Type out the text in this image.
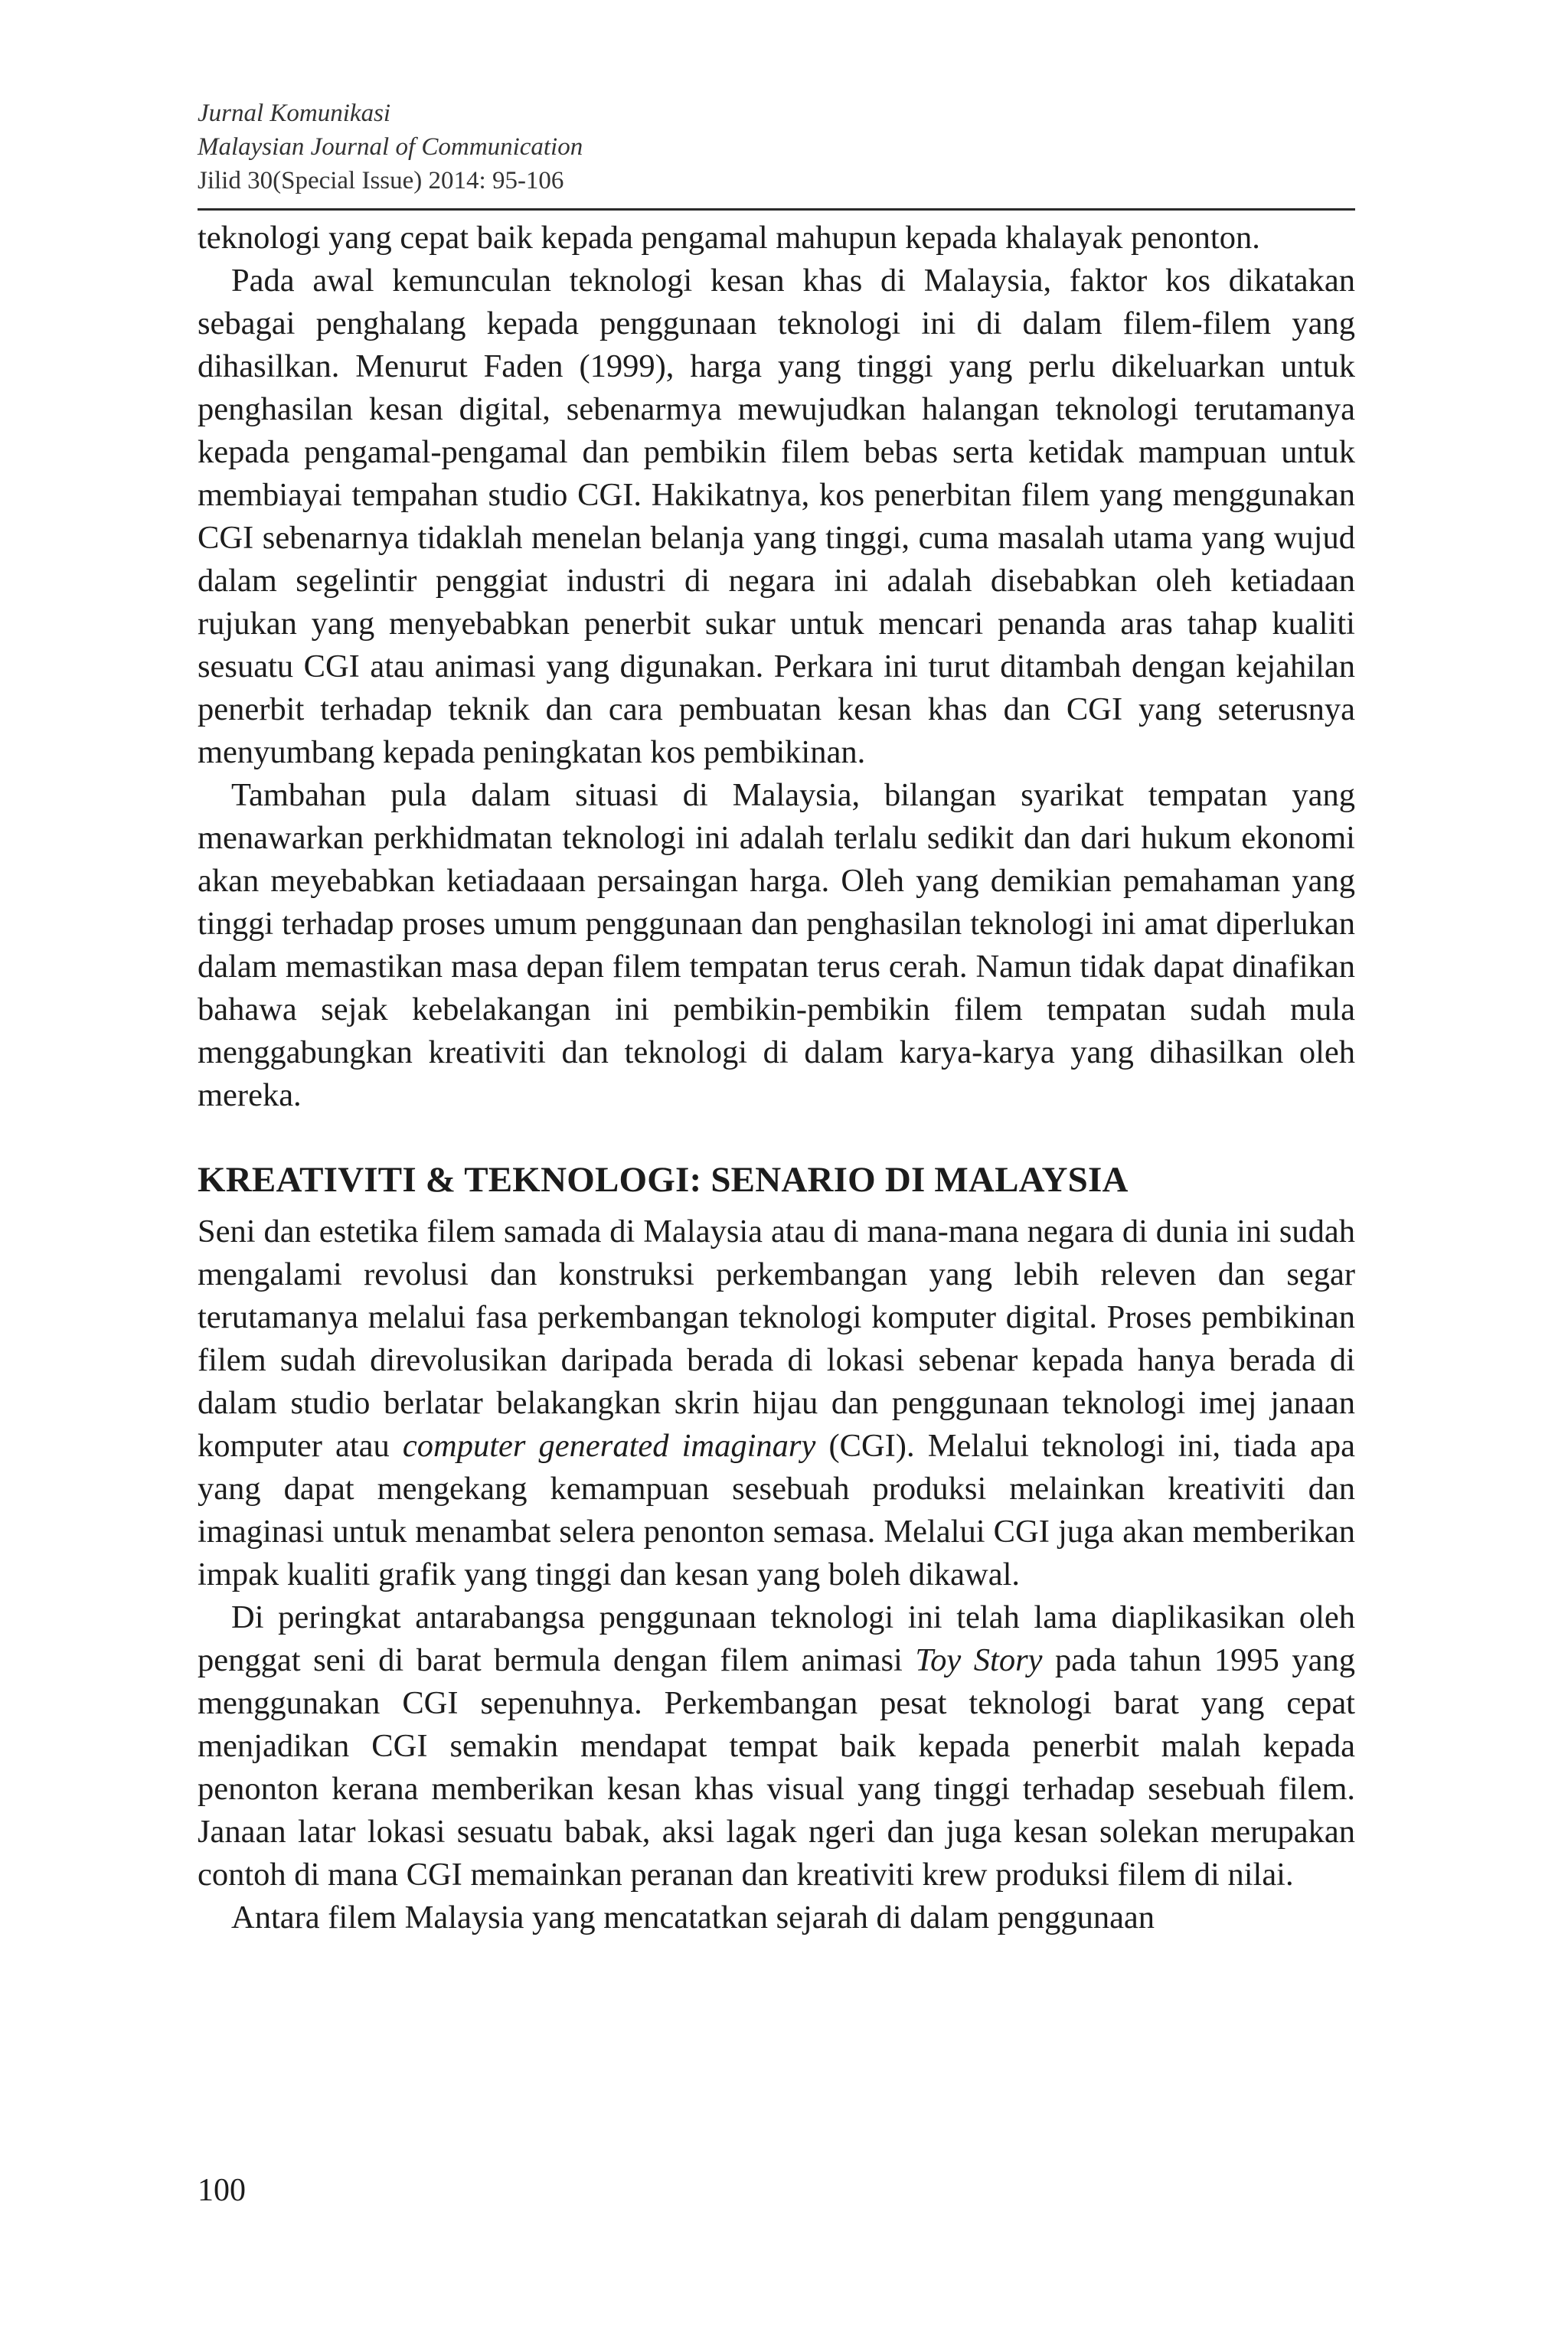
Jurnal Komunikasi
Malaysian Journal of Communication
Jilid 30(Special Issue) 2014: 95-106

teknologi yang cepat baik kepada pengamal mahupun kepada khalayak penonton.

Pada awal kemunculan teknologi kesan khas di Malaysia, faktor kos dikatakan sebagai penghalang kepada penggunaan teknologi ini di dalam filem-filem yang dihasilkan. Menurut Faden (1999), harga yang tinggi yang perlu dikeluarkan untuk penghasilan kesan digital, sebenarmya mewujudkan halangan teknologi terutamanya kepada pengamal-pengamal dan pembikin filem bebas serta ketidak mampuan untuk membiayai tempahan studio CGI. Hakikatnya, kos penerbitan filem yang menggunakan CGI sebenarnya tidaklah menelan belanja yang tinggi, cuma masalah utama yang wujud dalam segelintir penggiat industri di negara ini adalah disebabkan oleh ketiadaan rujukan yang menyebabkan penerbit sukar untuk mencari penanda aras tahap kualiti sesuatu CGI atau animasi yang digunakan. Perkara ini turut ditambah dengan kejahilan penerbit terhadap teknik dan cara pembuatan kesan khas dan CGI yang seterusnya menyumbang kepada peningkatan kos pembikinan.

Tambahan pula dalam situasi di Malaysia, bilangan syarikat tempatan yang menawarkan perkhidmatan teknologi ini adalah terlalu sedikit dan dari hukum ekonomi akan meyebabkan ketiadaaan persaingan harga. Oleh yang demikian pemahaman yang tinggi terhadap proses umum penggunaan dan penghasilan teknologi ini amat diperlukan dalam memastikan masa depan filem tempatan terus cerah. Namun tidak dapat dinafikan bahawa sejak kebelakangan ini pembikin-pembikin filem tempatan sudah mula menggabungkan kreativiti dan teknologi di dalam karya-karya yang dihasilkan oleh mereka.

KREATIVITI & TEKNOLOGI: SENARIO DI MALAYSIA

Seni dan estetika filem samada di Malaysia atau di mana-mana negara di dunia ini sudah mengalami revolusi dan konstruksi perkembangan yang lebih releven dan segar terutamanya melalui fasa perkembangan teknologi komputer digital. Proses pembikinan filem sudah direvolusikan daripada berada di lokasi sebenar kepada hanya berada di dalam studio berlatar belakangkan skrin hijau dan penggunaan teknologi imej janaan komputer atau computer generated imaginary (CGI). Melalui teknologi ini, tiada apa yang dapat mengekang kemampuan sesebuah produksi melainkan kreativiti dan imaginasi untuk menambat selera penonton semasa. Melalui CGI juga akan memberikan impak kualiti grafik yang tinggi dan kesan yang boleh dikawal.

Di peringkat antarabangsa penggunaan teknologi ini telah lama diaplikasikan oleh penggat seni di barat bermula dengan filem animasi Toy Story pada tahun 1995 yang menggunakan CGI sepenuhnya. Perkembangan pesat teknologi barat yang cepat menjadikan CGI semakin mendapat tempat baik kepada penerbit malah kepada penonton kerana memberikan kesan khas visual yang tinggi terhadap sesebuah filem. Janaan latar lokasi sesuatu babak, aksi lagak ngeri dan juga kesan solekan merupakan contoh di mana CGI memainkan peranan dan kreativiti krew produksi filem di nilai.

Antara filem Malaysia yang mencatatkan sejarah di dalam penggunaan

100
